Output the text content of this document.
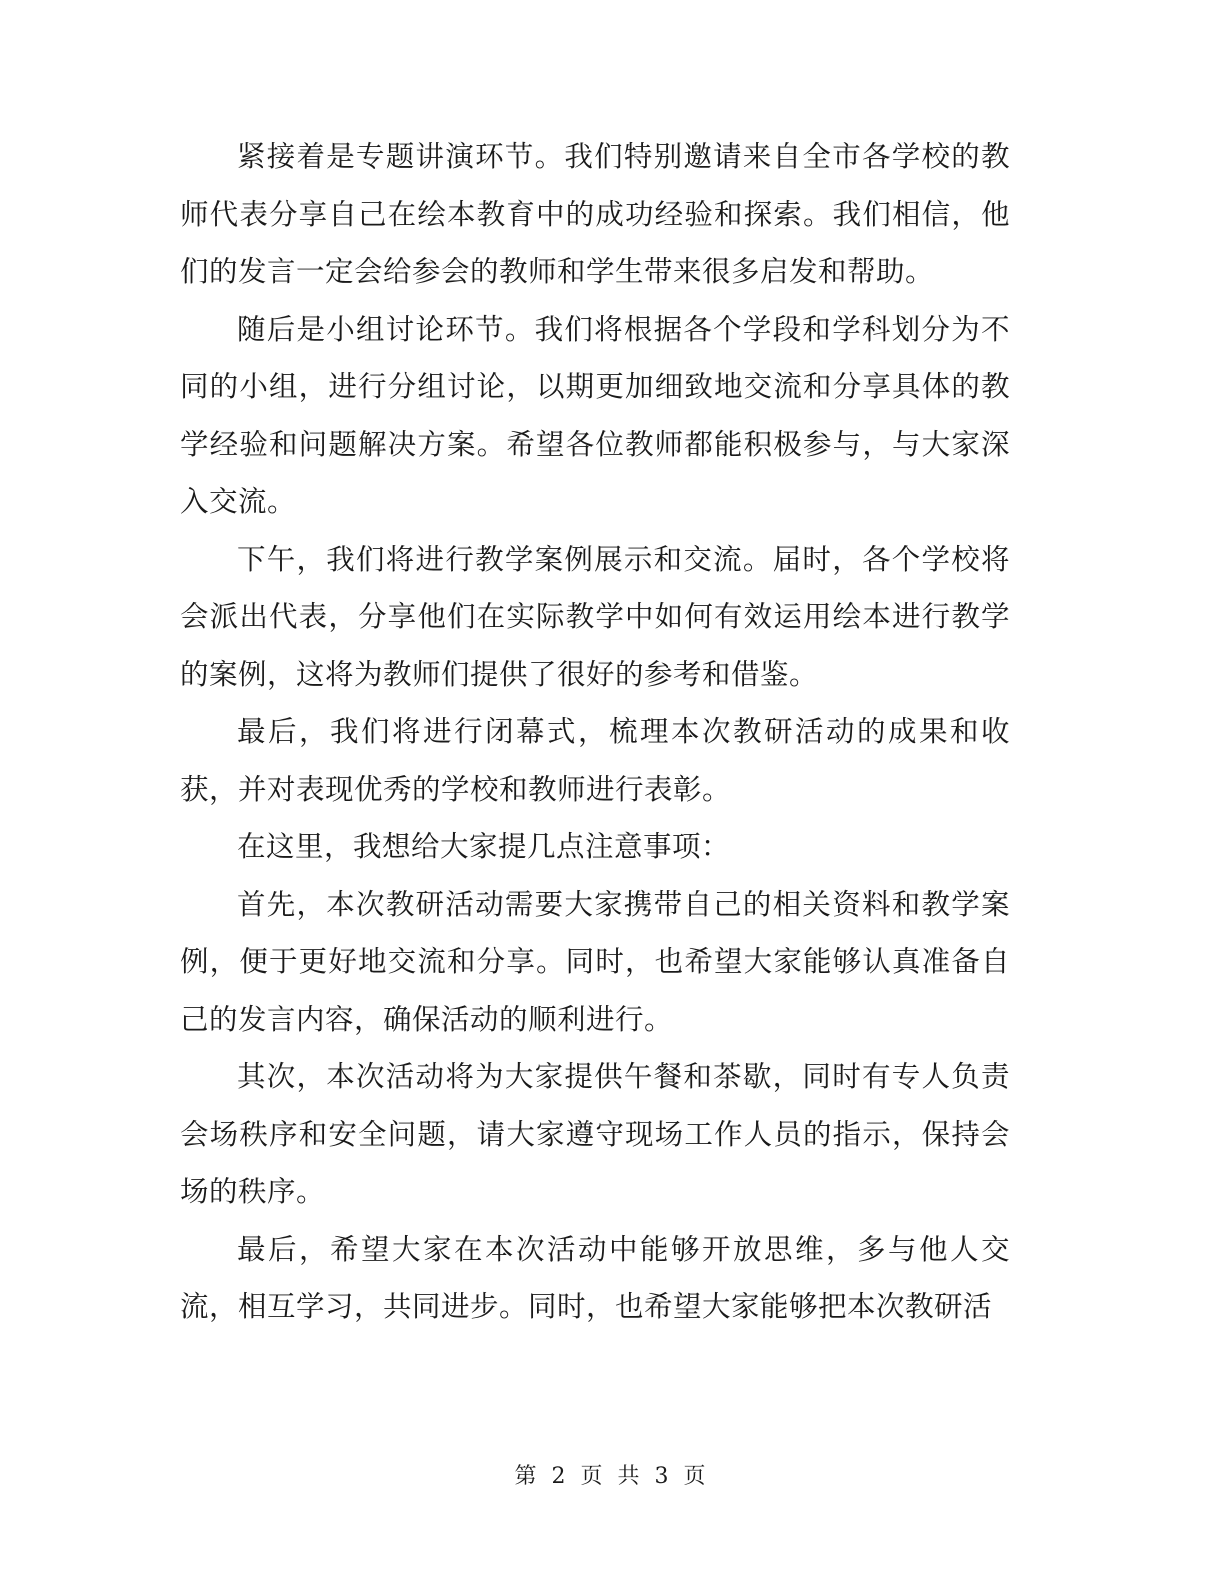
紧接着是专题讲演环节。我们特别邀请来自全市各学校的教师代表分享自己在绘本教育中的成功经验和探索。我们相信，他们的发言一定会给参会的教师和学生带来很多启发和帮助。

随后是小组讨论环节。我们将根据各个学段和学科划分为不同的小组，进行分组讨论，以期更加细致地交流和分享具体的教学经验和问题解决方案。希望各位教师都能积极参与，与大家深入交流。

下午，我们将进行教学案例展示和交流。届时，各个学校将会派出代表，分享他们在实际教学中如何有效运用绘本进行教学的案例，这将为教师们提供了很好的参考和借鉴。

最后，我们将进行闭幕式，梳理本次教研活动的成果和收获，并对表现优秀的学校和教师进行表彰。

在这里，我想给大家提几点注意事项：

首先，本次教研活动需要大家携带自己的相关资料和教学案例，便于更好地交流和分享。同时，也希望大家能够认真准备自己的发言内容，确保活动的顺利进行。

其次，本次活动将为大家提供午餐和茶歇，同时有专人负责会场秩序和安全问题，请大家遵守现场工作人员的指示，保持会场的秩序。

最后，希望大家在本次活动中能够开放思维，多与他人交流，相互学习，共同进步。同时，也希望大家能够把本次教研活

第 2 页 共 3 页
